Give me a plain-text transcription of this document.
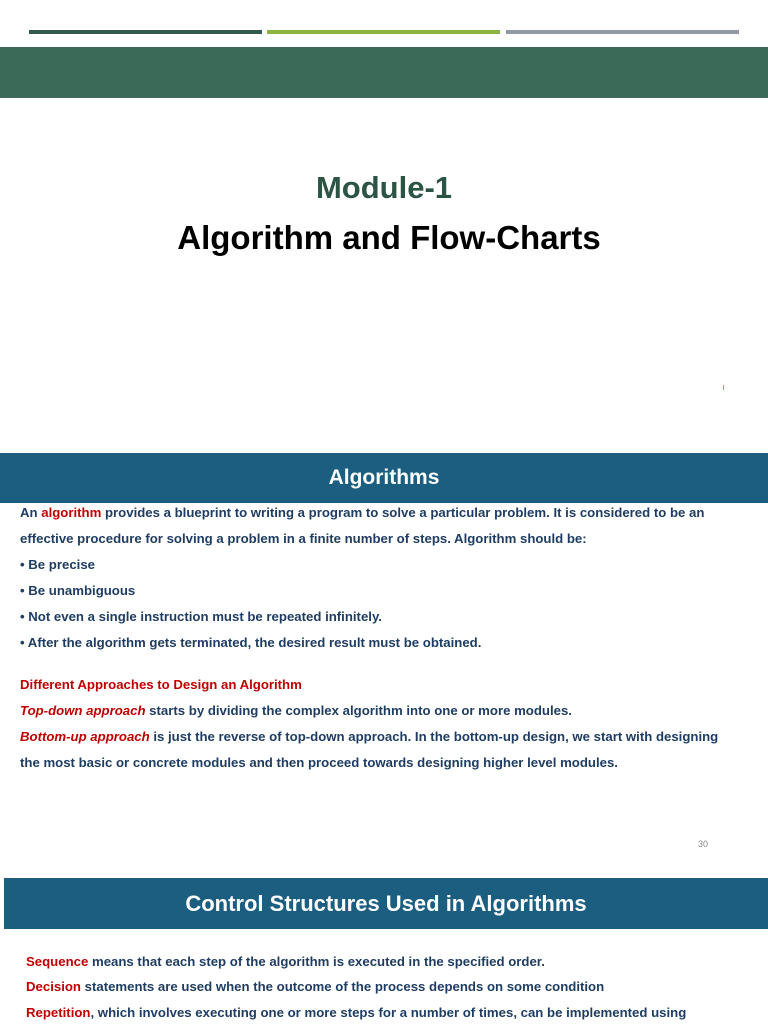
Module-1
Algorithm and Flow-Charts
Algorithms
An algorithm provides a blueprint to writing a program to solve a particular problem. It is considered to be an
effective procedure for solving a problem in a finite number of steps. Algorithm should be:
• Be precise
• Be unambiguous
• Not even a single instruction must be repeated infinitely.
• After the algorithm gets terminated, the desired result must be obtained.
Different Approaches to Design an Algorithm
Top-down approach starts by dividing the complex algorithm into one or more modules.
Bottom-up approach is just the reverse of top-down approach. In the bottom-up design, we start with designing
the most basic or concrete modules and then proceed towards designing higher level modules.
30
Control Structures Used in Algorithms
Sequence means that each step of the algorithm is executed in the specified order.
Decision statements are used when the outcome of the process depends on some condition
Repetition, which involves executing one or more steps for a number of times, can be implemented using
